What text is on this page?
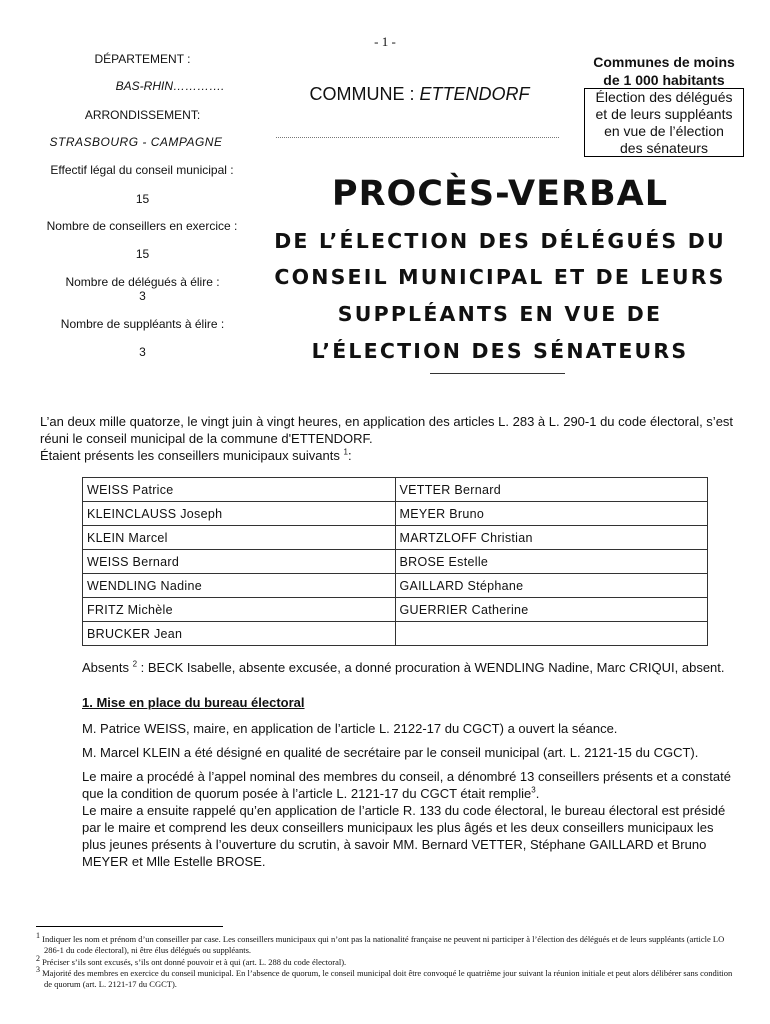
- 1 -
DÉPARTEMENT :
BAS-RHIN………….
ARRONDISSEMENT:
STRASBOURG - CAMPAGNE
Effectif légal du conseil municipal :
15
Nombre de conseillers en exercice :
15
Nombre de délégués à élire :
3
Nombre de suppléants à élire :
3
COMMUNE : ETTENDORF
Communes de moins
de 1 000 habitants
Élection des délégués
et de leurs suppléants
en vue de l’élection
des sénateurs
PROCÈS-VERBAL
DE L’ÉLECTION DES DÉLÉGUÉS DU
CONSEIL MUNICIPAL ET DE LEURS
SUPPLÉANTS EN VUE DE
L’ÉLECTION DES SÉNATEURS
L’an deux mille quatorze, le vingt juin à vingt heures, en application des articles L. 283 à L. 290-1 du code électoral, s’est
réuni le conseil municipal de la commune d'ETTENDORF.
Étaient présents les conseillers municipaux suivants $^1$:
WEISS Patrice	VETTER Bernard
KLEINCLAUSS Joseph	MEYER Bruno
KLEIN Marcel	MARTZLOFF Christian
WEISS Bernard	BROSE Estelle
WENDLING Nadine	GAILLARD Stéphane
FRITZ Michèle	GUERRIER Catherine
BRUCKER Jean	
Absents $^2$ : BECK Isabelle, absente excusée, a donné procuration à WENDLING Nadine, Marc CRIQUI, absent.
1. Mise en place du bureau électoral
M. Patrice WEISS, maire, en application de l’article L. 2122-17 du CGCT) a ouvert la séance.
M. Marcel KLEIN a été désigné en qualité de secrétaire par le conseil municipal (art. L. 2121-15 du CGCT).
Le maire a procédé à l’appel nominal des membres du conseil, a dénombré 13 conseillers présents et a constaté
que la condition de quorum posée à l’article L. 2121-17 du CGCT était remplie$^3$.
Le maire a ensuite rappelé qu’en application de l’article R. 133 du code électoral, le bureau électoral est présidé
par le maire et comprend les deux conseillers municipaux les plus âgés et les deux conseillers municipaux les
plus jeunes présents à l’ouverture du scrutin, à savoir MM. Bernard VETTER, Stéphane GAILLARD et Bruno
MEYER et Mlle Estelle BROSE.
$^1$ Indiquer les nom et prénom d’un conseiller par case. Les conseillers municipaux qui n’ont pas la nationalité française ne peuvent ni participer à l’élection des délégués et de leurs suppléants (article LO 286-1 du code électoral), ni être élus délégués ou suppléants.
$^2$ Préciser s’ils sont excusés, s’ils ont donné pouvoir et à qui (art. L. 288 du code électoral).
$^3$ Majorité des membres en exercice du conseil municipal. En l’absence de quorum, le conseil municipal doit être convoqué le quatrième jour suivant la réunion initiale et peut alors délibérer sans condition de quorum (art. L. 2121-17 du CGCT).
